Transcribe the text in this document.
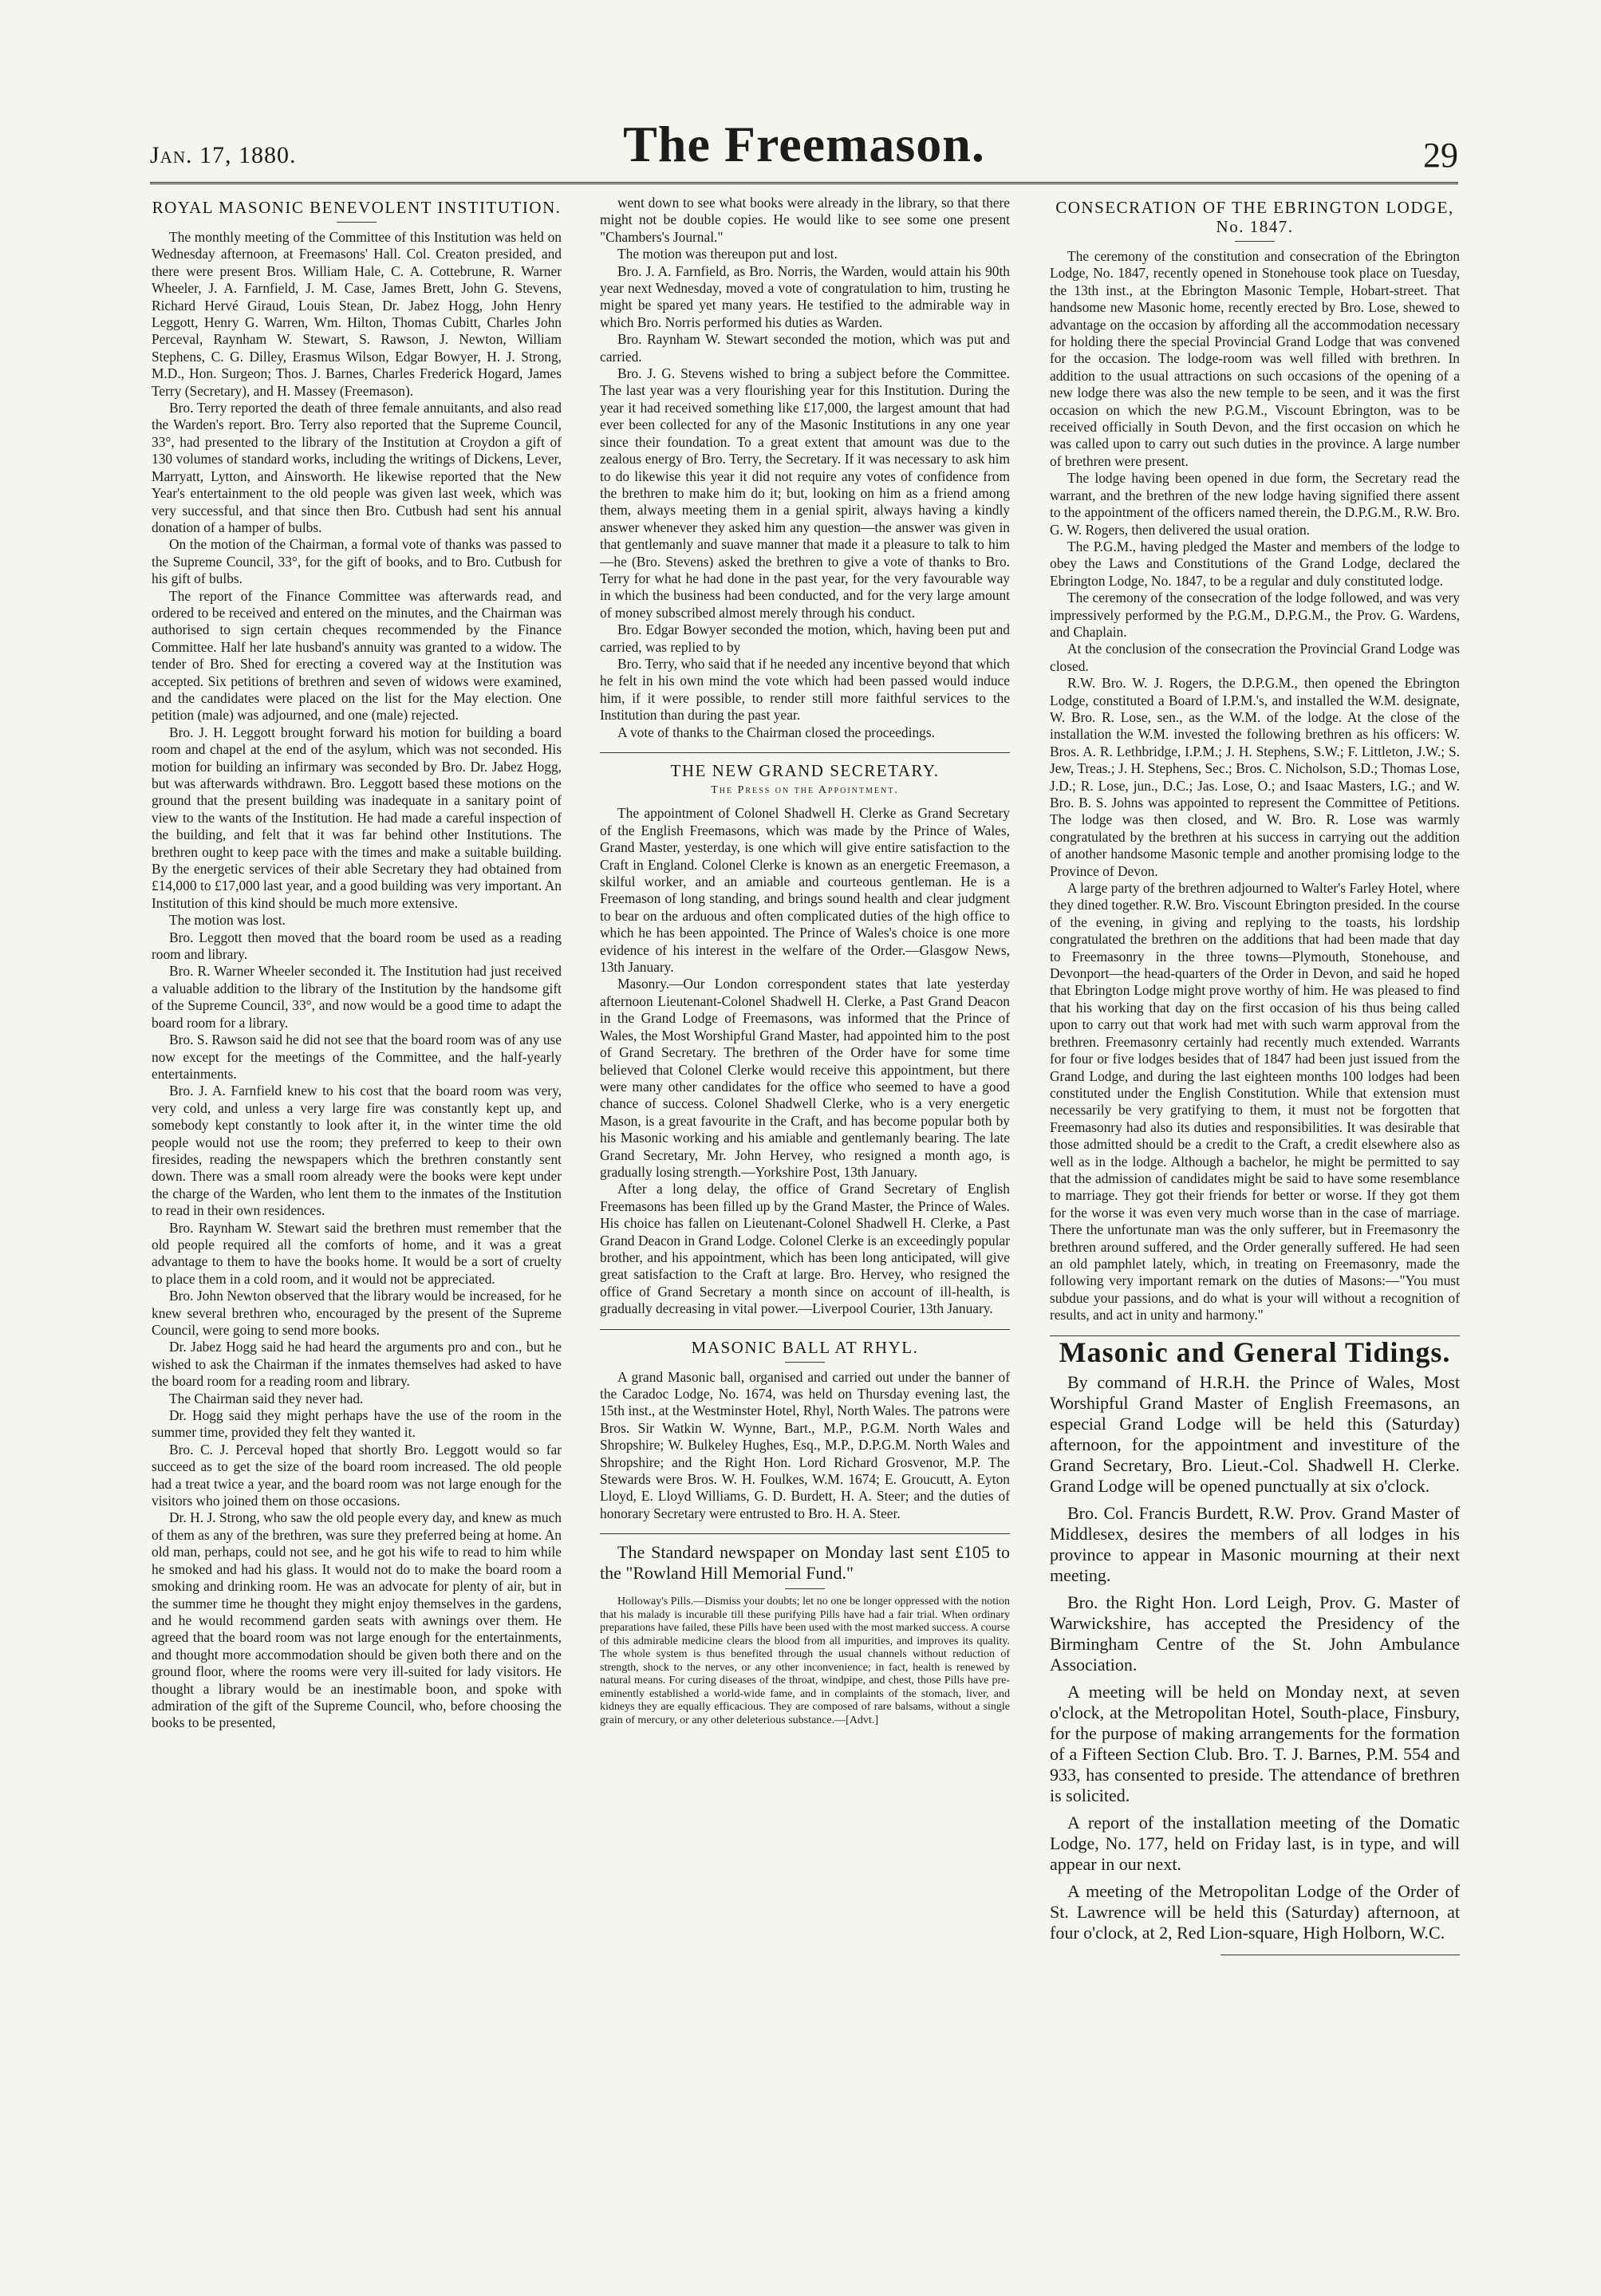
Jan. 17, 1880.	The Freemason.	29
ROYAL MASONIC BENEVOLENT INSTITUTION.

The monthly meeting of the Committee of this Institution was held on Wednesday afternoon, at Freemasons' Hall. Col. Creaton presided, and there were present Bros. William Hale, C. A. Cottebrune, R. Warner Wheeler, J. A. Farnfield, J. M. Case, James Brett, John G. Stevens, Richard Hervé Giraud, Louis Stean, Dr. Jabez Hogg, John Henry Leggott, Henry G. Warren, Wm. Hilton, Thomas Cubitt, Charles John Perceval, Raynham W. Stewart, S. Rawson, J. Newton, William Stephens, C. G. Dilley, Erasmus Wilson, Edgar Bowyer, H. J. Strong, M.D., Hon. Surgeon; Thos. J. Barnes, Charles Frederick Hogard, James Terry (Secretary), and H. Massey (Freemason).

Bro. Terry reported the death of three female annuitants, and also read the Warden's report. Bro. Terry also reported that the Supreme Council, 33°, had presented to the library of the Institution at Croydon a gift of 130 volumes of standard works, including the writings of Dickens, Lever, Marryatt, Lytton, and Ainsworth. He likewise reported that the New Year's entertainment to the old people was given last week, which was very successful, and that since then Bro. Cutbush had sent his annual donation of a hamper of bulbs.

On the motion of the Chairman, a formal vote of thanks was passed to the Supreme Council, 33°, for the gift of books, and to Bro. Cutbush for his gift of bulbs.

The report of the Finance Committee was afterwards read, and ordered to be received and entered on the minutes, and the Chairman was authorised to sign certain cheques recommended by the Finance Committee. Half her late husband's annuity was granted to a widow. The tender of Bro. Shed for erecting a covered way at the Institution was accepted. Six petitions of brethren and seven of widows were examined, and the candidates were placed on the list for the May election. One petition (male) was adjourned, and one (male) rejected.

Bro. J. H. Leggott brought forward his motion for building a board room and chapel at the end of the asylum, which was not seconded. His motion for building an infirmary was seconded by Bro. Dr. Jabez Hogg, but was afterwards withdrawn. Bro. Leggott based these motions on the ground that the present building was inadequate in a sanitary point of view to the wants of the Institution. He had made a careful inspection of the building, and felt that it was far behind other Institutions. The brethren ought to keep pace with the times and make a suitable building. By the energetic services of their able Secretary they had obtained from £14,000 to £17,000 last year, and a good building was very important. An Institution of this kind should be much more extensive.

The motion was lost.

Bro. Leggott then moved that the board room be used as a reading room and library.

Bro. R. Warner Wheeler seconded it. The Institution had just received a valuable addition to the library of the Institution by the handsome gift of the Supreme Council, 33°, and now would be a good time to adapt the board room for a library.

Bro. S. Rawson said he did not see that the board room was of any use now except for the meetings of the Committee, and the half-yearly entertainments.

Bro. J. A. Farnfield knew to his cost that the board room was very, very cold, and unless a very large fire was constantly kept up, and somebody kept constantly to look after it, in the winter time the old people would not use the room; they preferred to keep to their own firesides, reading the newspapers which the brethren constantly sent down. There was a small room already were the books were kept under the charge of the Warden, who lent them to the inmates of the Institution to read in their own residences.

Bro. Raynham W. Stewart said the brethren must remember that the old people required all the comforts of home, and it was a great advantage to them to have the books home. It would be a sort of cruelty to place them in a cold room, and it would not be appreciated.

Bro. John Newton observed that the library would be increased, for he knew several brethren who, encouraged by the present of the Supreme Council, were going to send more books.

Dr. Jabez Hogg said he had heard the arguments pro and con., but he wished to ask the Chairman if the inmates themselves had asked to have the board room for a reading room and library.

The Chairman said they never had.

Dr. Hogg said they might perhaps have the use of the room in the summer time, provided they felt they wanted it.

Bro. C. J. Perceval hoped that shortly Bro. Leggott would so far succeed as to get the size of the board room increased. The old people had a treat twice a year, and the board room was not large enough for the visitors who joined them on those occasions.

Dr. H. J. Strong, who saw the old people every day, and knew as much of them as any of the brethren, was sure they preferred being at home. An old man, perhaps, could not see, and he got his wife to read to him while he smoked and had his glass. It would not do to make the board room a smoking and drinking room. He was an advocate for plenty of air, but in the summer time he thought they might enjoy themselves in the gardens, and he would recommend garden seats with awnings over them. He agreed that the board room was not large enough for the entertainments, and thought more accommodation should be given both there and on the ground floor, where the rooms were very ill-suited for lady visitors. He thought a library would be an inestimable boon, and spoke with admiration of the gift of the Supreme Council, who, before choosing the books to be presented,

went down to see what books were already in the library, so that there might not be double copies. He would like to see some one present "Chambers's Journal."

The motion was thereupon put and lost.

Bro. J. A. Farnfield, as Bro. Norris, the Warden, would attain his 90th year next Wednesday, moved a vote of congratulation to him, trusting he might be spared yet many years. He testified to the admirable way in which Bro. Norris performed his duties as Warden.

Bro. Raynham W. Stewart seconded the motion, which was put and carried.

Bro. J. G. Stevens wished to bring a subject before the Committee. The last year was a very flourishing year for this Institution. During the year it had received something like £17,000, the largest amount that had ever been collected for any of the Masonic Institutions in any one year since their foundation. To a great extent that amount was due to the zealous energy of Bro. Terry, the Secretary. If it was necessary to ask him to do likewise this year it did not require any votes of confidence from the brethren to make him do it; but, looking on him as a friend among them, always meeting them in a genial spirit, always having a kindly answer whenever they asked him any question—the answer was given in that gentlemanly and suave manner that made it a pleasure to talk to him—he (Bro. Stevens) asked the brethren to give a vote of thanks to Bro. Terry for what he had done in the past year, for the very favourable way in which the business had been conducted, and for the very large amount of money subscribed almost merely through his conduct.

Bro. Edgar Bowyer seconded the motion, which, having been put and carried, was replied to by

Bro. Terry, who said that if he needed any incentive beyond that which he felt in his own mind the vote which had been passed would induce him, if it were possible, to render still more faithful services to the Institution than during the past year.

A vote of thanks to the Chairman closed the proceedings.

THE NEW GRAND SECRETARY.
The Press on the Appointment.

The appointment of Colonel Shadwell H. Clerke as Grand Secretary of the English Freemasons, which was made by the Prince of Wales, Grand Master, yesterday, is one which will give entire satisfaction to the Craft in England. Colonel Clerke is known as an energetic Freemason, a skilful worker, and an amiable and courteous gentleman. He is a Freemason of long standing, and brings sound health and clear judgment to bear on the arduous and often complicated duties of the high office to which he has been appointed. The Prince of Wales's choice is one more evidence of his interest in the welfare of the Order.—Glasgow News, 13th January.

Masonry.—Our London correspondent states that late yesterday afternoon Lieutenant-Colonel Shadwell H. Clerke, a Past Grand Deacon in the Grand Lodge of Freemasons, was informed that the Prince of Wales, the Most Worshipful Grand Master, had appointed him to the post of Grand Secretary. The brethren of the Order have for some time believed that Colonel Clerke would receive this appointment, but there were many other candidates for the office who seemed to have a good chance of success. Colonel Shadwell Clerke, who is a very energetic Mason, is a great favourite in the Craft, and has become popular both by his Masonic working and his amiable and gentlemanly bearing. The late Grand Secretary, Mr. John Hervey, who resigned a month ago, is gradually losing strength.—Yorkshire Post, 13th January.

After a long delay, the office of Grand Secretary of English Freemasons has been filled up by the Grand Master, the Prince of Wales. His choice has fallen on Lieutenant-Colonel Shadwell H. Clerke, a Past Grand Deacon in Grand Lodge. Colonel Clerke is an exceedingly popular brother, and his appointment, which has been long anticipated, will give great satisfaction to the Craft at large. Bro. Hervey, who resigned the office of Grand Secretary a month since on account of ill-health, is gradually decreasing in vital power.—Liverpool Courier, 13th January.

MASONIC BALL AT RHYL.

A grand Masonic ball, organised and carried out under the banner of the Caradoc Lodge, No. 1674, was held on Thursday evening last, the 15th inst., at the Westminster Hotel, Rhyl, North Wales. The patrons were Bros. Sir Watkin W. Wynne, Bart., M.P., P.G.M. North Wales and Shropshire; W. Bulkeley Hughes, Esq., M.P., D.P.G.M. North Wales and Shropshire; and the Right Hon. Lord Richard Grosvenor, M.P. The Stewards were Bros. W. H. Foulkes, W.M. 1674; E. Groucutt, A. Eyton Lloyd, E. Lloyd Williams, G. D. Burdett, H. A. Steer; and the duties of honorary Secretary were entrusted to Bro. H. A. Steer.

The Standard newspaper on Monday last sent £105 to the "Rowland Hill Memorial Fund."

Holloway's Pills.—Dismiss your doubts; let no one be longer oppressed with the notion that his malady is incurable till these purifying Pills have had a fair trial. When ordinary preparations have failed, these Pills have been used with the most marked success. A course of this admirable medicine clears the blood from all impurities, and improves its quality. The whole system is thus benefited through the usual channels without reduction of strength, shock to the nerves, or any other inconvenience; in fact, health is renewed by natural means. For curing diseases of the throat, windpipe, and chest, those Pills have pre-eminently established a world-wide fame, and in complaints of the stomach, liver, and kidneys they are equally efficacious. They are composed of rare balsams, without a single grain of mercury, or any other deleterious substance.—[Advt.]

CONSECRATION OF THE EBRINGTON LODGE, No. 1847.

The ceremony of the constitution and consecration of the Ebrington Lodge, No. 1847, recently opened in Stonehouse took place on Tuesday, the 13th inst., at the Ebrington Masonic Temple, Hobart-street. That handsome new Masonic home, recently erected by Bro. Lose, shewed to advantage on the occasion by affording all the accommodation necessary for holding there the special Provincial Grand Lodge that was convened for the occasion. The lodge-room was well filled with brethren. In addition to the usual attractions on such occasions of the opening of a new lodge there was also the new temple to be seen, and it was the first occasion on which the new P.G.M., Viscount Ebrington, was to be received officially in South Devon, and the first occasion on which he was called upon to carry out such duties in the province. A large number of brethren were present.

The lodge having been opened in due form, the Secretary read the warrant, and the brethren of the new lodge having signified there assent to the appointment of the officers named therein, the D.P.G.M., R.W. Bro. G. W. Rogers, then delivered the usual oration.

The P.G.M., having pledged the Master and members of the lodge to obey the Laws and Constitutions of the Grand Lodge, declared the Ebrington Lodge, No. 1847, to be a regular and duly constituted lodge.

The ceremony of the consecration of the lodge followed, and was very impressively performed by the P.G.M., D.P.G.M., the Prov. G. Wardens, and Chaplain.

At the conclusion of the consecration the Provincial Grand Lodge was closed.

R.W. Bro. W. J. Rogers, the D.P.G.M., then opened the Ebrington Lodge, constituted a Board of I.P.M.'s, and installed the W.M. designate, W. Bro. R. Lose, sen., as the W.M. of the lodge. At the close of the installation the W.M. invested the following brethren as his officers: W. Bros. A. R. Lethbridge, I.P.M.; J. H. Stephens, S.W.; F. Littleton, J.W.; S. Jew, Treas.; J. H. Stephens, Sec.; Bros. C. Nicholson, S.D.; Thomas Lose, J.D.; R. Lose, jun., D.C.; Jas. Lose, O.; and Isaac Masters, I.G.; and W. Bro. B. S. Johns was appointed to represent the Committee of Petitions. The lodge was then closed, and W. Bro. R. Lose was warmly congratulated by the brethren at his success in carrying out the addition of another handsome Masonic temple and another promising lodge to the Province of Devon.

A large party of the brethren adjourned to Walter's Farley Hotel, where they dined together. R.W. Bro. Viscount Ebrington presided. In the course of the evening, in giving and replying to the toasts, his lordship congratulated the brethren on the additions that had been made that day to Freemasonry in the three towns—Plymouth, Stonehouse, and Devonport—the head-quarters of the Order in Devon, and said he hoped that Ebrington Lodge might prove worthy of him. He was pleased to find that his working that day on the first occasion of his thus being called upon to carry out that work had met with such warm approval from the brethren. Freemasonry certainly had recently much extended. Warrants for four or five lodges besides that of 1847 had been just issued from the Grand Lodge, and during the last eighteen months 100 lodges had been constituted under the English Constitution. While that extension must necessarily be very gratifying to them, it must not be forgotten that Freemasonry had also its duties and responsibilities. It was desirable that those admitted should be a credit to the Craft, a credit elsewhere also as well as in the lodge. Although a bachelor, he might be permitted to say that the admission of candidates might be said to have some resemblance to marriage. They got their friends for better or worse. If they got them for the worse it was even very much worse than in the case of marriage. There the unfortunate man was the only sufferer, but in Freemasonry the brethren around suffered, and the Order generally suffered. He had seen an old pamphlet lately, which, in treating on Freemasonry, made the following very important remark on the duties of Masons:—"You must subdue your passions, and do what is your will without a recognition of results, and act in unity and harmony."

Masonic and General Tidings.

By command of H.R.H. the Prince of Wales, Most Worshipful Grand Master of English Freemasons, an especial Grand Lodge will be held this (Saturday) afternoon, for the appointment and investiture of the Grand Secretary, Bro. Lieut.-Col. Shadwell H. Clerke. Grand Lodge will be opened punctually at six o'clock.

Bro. Col. Francis Burdett, R.W. Prov. Grand Master of Middlesex, desires the members of all lodges in his province to appear in Masonic mourning at their next meeting.

Bro. the Right Hon. Lord Leigh, Prov. G. Master of Warwickshire, has accepted the Presidency of the Birmingham Centre of the St. John Ambulance Association.

A meeting will be held on Monday next, at seven o'clock, at the Metropolitan Hotel, South-place, Finsbury, for the purpose of making arrangements for the formation of a Fifteen Section Club. Bro. T. J. Barnes, P.M. 554 and 933, has consented to preside. The attendance of brethren is solicited.

A report of the installation meeting of the Domatic Lodge, No. 177, held on Friday last, is in type, and will appear in our next.

A meeting of the Metropolitan Lodge of the Order of St. Lawrence will be held this (Saturday) afternoon, at four o'clock, at 2, Red Lion-square, High Holborn, W.C.
